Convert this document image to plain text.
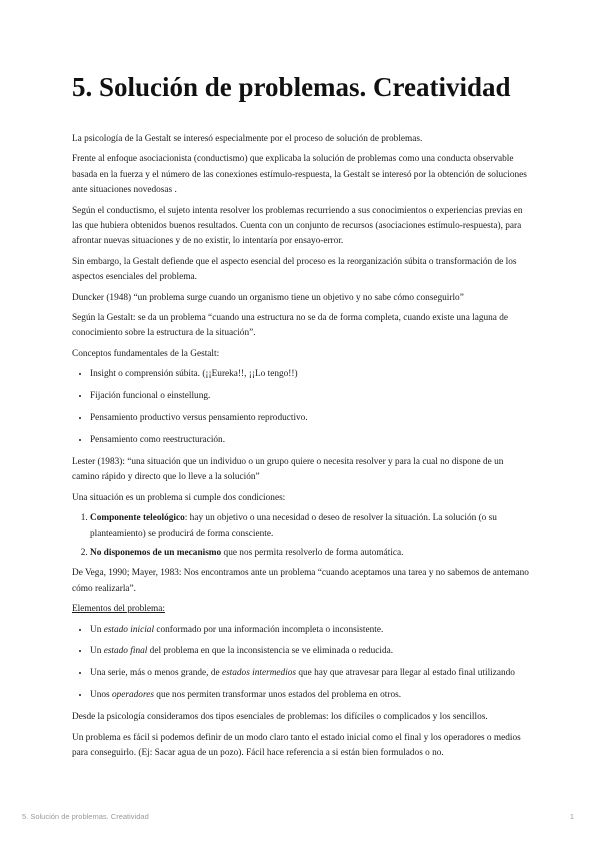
5. Solución de problemas. Creatividad

La psicología de la Gestalt se interesó especialmente por el proceso de solución de problemas.

Frente al enfoque asociacionista (conductismo) que explicaba la solución de problemas como una conducta observable basada en la fuerza y el número de las conexiones estímulo-respuesta, la Gestalt se interesó por la obtención de soluciones ante situaciones novedosas .

Según el conductismo, el sujeto intenta resolver los problemas recurriendo a sus conocimientos o experiencias previas en las que hubiera obtenidos buenos resultados. Cuenta con un conjunto de recursos (asociaciones estímulo-respuesta), para afrontar nuevas situaciones y de no existir, lo intentaría por ensayo-error.

Sin embargo, la Gestalt defiende que el aspecto esencial del proceso es la reorganización súbita o transformación de los aspectos esenciales del problema.

Duncker (1948) “un problema surge cuando un organismo tiene un objetivo y no sabe cómo conseguirlo”

Según la Gestalt: se da un problema “cuando una estructura no se da de forma completa, cuando existe una laguna de conocimiento sobre la estructura de la situación”.

Conceptos fundamentales de la Gestalt:

• Insight o comprensión súbita. (¡¡Eureka!!, ¡¡Lo tengo!!)
• Fijación funcional o einstellung.
• Pensamiento productivo versus pensamiento reproductivo.
• Pensamiento como reestructuración.

Lester (1983): “una situación que un individuo o un grupo quiere o necesita resolver y para la cual no dispone de un camino rápido y directo que lo lleve a la solución”

Una situación es un problema si cumple dos condiciones:

1. Componente teleológico: hay un objetivo o una necesidad o deseo de resolver la situación. La solución (o su planteamiento) se producirá de forma consciente.
2. No disponemos de un mecanismo que nos permita resolverlo de forma automática.

De Vega, 1990; Mayer, 1983: Nos encontramos ante un problema “cuando aceptamos una tarea y no sabemos de antemano cómo realizarla”.

Elementos del problema:

• Un estado inicial conformado por una información incompleta o inconsistente.
• Un estado final del problema en que la inconsistencia se ve eliminada o reducida.
• Una serie, más o menos grande, de estados intermedios que hay que atravesar para llegar al estado final utilizando
• Unos operadores que nos permiten transformar unos estados del problema en otros.

Desde la psicología consideramos dos tipos esenciales de problemas: los difíciles o complicados y los sencillos.

Un problema es fácil si podemos definir de un modo claro tanto el estado inicial como el final y los operadores o medios para conseguirlo. (Ej: Sacar agua de un pozo). Fácil hace referencia a si están bien formulados o no.

5. Solución de problemas. Creatividad	1
